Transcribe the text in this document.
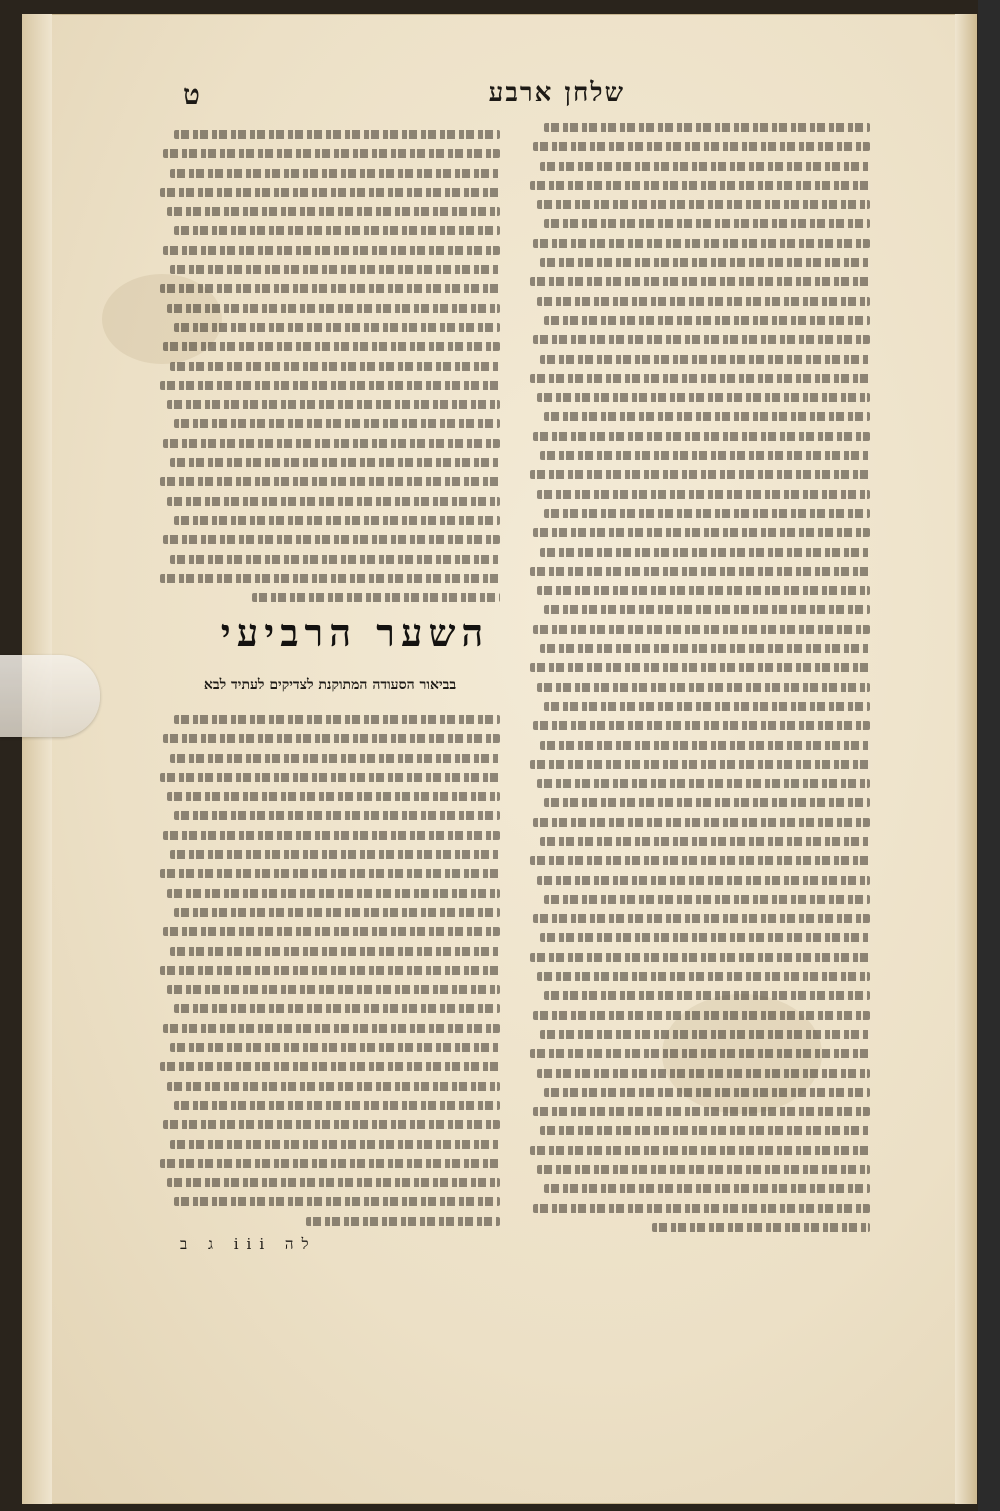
שלחן ארבע
ט
השער הרביעי
בביאור הסעודה המתוקנת לצדיקים לעתיד לבא
לה iii ג ב
